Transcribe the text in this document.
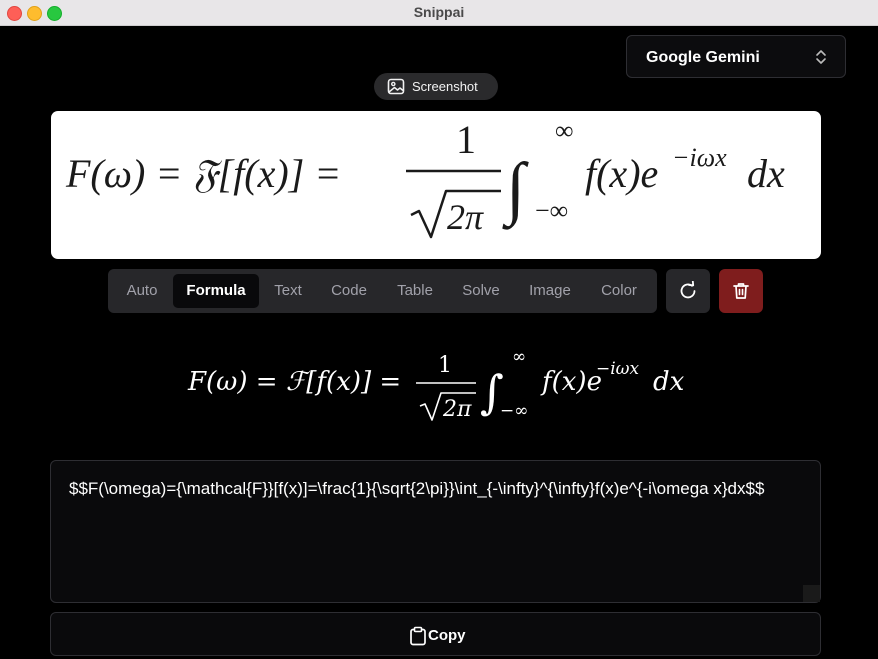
Snippai
Google Gemini
Screenshot
F(ω) = 𝔉[f(x)] =
1
2π ∫
∞
−∞
f(x)e −iωx dx
Auto	Formula	Text	Code	Table	Solve	Image	Color
F(ω) = ℱ[f(x)] =
1
2π ∫
∞
−∞
f(x)e
−iωx dx
$$F(\omega)={\mathcal{F}}[f(x)]=\frac{1}{\sqrt{2\pi}}\int_{-\infty}^{\infty}f(x)e^{-i\omega x}dx$$
Copy
